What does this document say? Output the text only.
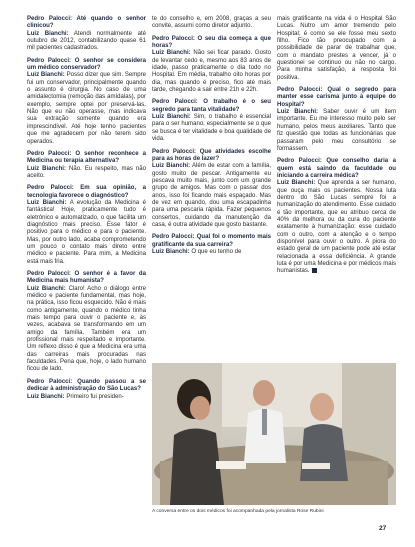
Pedro Palocci: Até quando o senhor clinicou?
Luiz Bianchi: Atendi normalmente até outubro de 2012, contabilizando quase 61 mil pacientes cadastrados.
Pedro Palocci: O senhor se considera um médico conservador?
Luiz Bianchi: Posso dizer que sim. Sempre fui um conservador, principalmente quando o assunto é cirurgia. No caso de uma amidalectomia (remoção das amídalas), por exemplo, sempre optei por preservá-las. Não que eu não operasse, mas indicava sua extração somente quando era imprescindível. Até hoje tenho pacientes que me agradecem por não terem sido operados.
Pedro Palocci: O senhor reconhece a Medicina ou terapia alternativa?
Luiz Bianchi: Não. Eu respeito, mas não aceito.
Pedro Palocci: Em sua opinião, a tecnologia favorece o diagnóstico?
Luiz Bianchi: A evolução da Medicina é fantástica! Hoje, praticamente tudo é eletrônico e automatizado, o que facilita um diagnóstico mais preciso. Esse fator é positivo para o médico e para o paciente. Mas, por outro lado, acaba comprometendo um pouco o contato mais direto entre médico e paciente. Para mim, a Medicina está mais fria.
Pedro Palocci: O senhor é a favor da Medicina mais humanista?
Luiz Bianchi: Claro! Acho o diálogo entre médico e paciente fundamental, mas hoje, na prática, isso ficou esquecido. Não é mais como antigamente, quando o médico tinha mais tempo para ouvir o paciente e, às vezes, acabava se transformando em um amigo da família. Também era um profissional mais respeitado e importante. Um reflexo disso é que a Medicina era uma das carreiras mais procuradas nas faculdades. Pena que, hoje, o lado humano ficou de lado.
Pedro Palocci: Quando passou a se dedicar à administração do São Lucas?
Luiz Bianchi: Primeiro fui presiden-
te do conselho e, em 2008, graças a seu convite, assumi como diretor adjunto.
Pedro Palocci: O seu dia começa a que horas?
Luiz Bianchi: Não sei ficar parado. Gosto de levantar cedo e, mesmo aos 83 anos de idade, passo praticamente o dia todo no Hospital. Em média, trabalho oito horas por dia, mas quando é preciso, fico até mais tarde, chegando a sair entre 21h e 22h.
Pedro Palocci: O trabalho é o seu segredo para tanta vitalidade?
Luiz Bianchi: Sim, o trabalho é essencial para o ser humano, especialmente se o que se busca é ter vitalidade e boa qualidade de vida.
Pedro Palocci: Que atividades escolhe para as horas de lazer?
Luiz Bianchi: Além de estar com a família, gosto muito de pescar. Antigamente eu pescava muito mais, junto com um grande grupo de amigos. Mas com o passar dos anos, isso foi ficando mais espaçado. Mas de vez em quando, dou uma escapadinha para uma pescaria rápida. Fazer pequenos consertos, cuidando da manutenção da casa, é outra atividade que gosto bastante.
Pedro Palocci: Qual foi o momento mais gratificante da sua carreira?
Luiz Bianchi: O que eu tenho de
mais gratificante na vida é o Hospital São Lucas. Nutro um amor tremendo pelo Hospital; é como se ele fosse meu sexto filho. Fico tão preocupado com a possibilidade de parar de trabalhar que, com o mandato prestes a vencer, já o questionei se continuo ou não no cargo. Para minha satisfação, a resposta foi positiva.
Pedro Palocci: Qual o segredo para manter esse carisma junto à equipe do Hospital?
Luiz Bianchi: Saber ouvir é um item importante. Eu me interesso muito pelo ser humano, pelos meus auxiliares. Tanto que fiz questão que todas as funcionárias que passaram pelo meu consultório se formassem.
Pedro Palocci: Que conselho daria a quem está saindo da faculdade ou iniciando a carreira médica?
Luiz Bianchi: Que aprenda a ser humano, que ouça mais os pacientes. Nossa luta dentro do São Lucas sempre foi a humanização do atendimento. Esse cuidado é tão importante, que eu atribuo cerca de 40% da melhora ou da cura do paciente exatamente à humanização: esse cuidado com o outro, com a atenção e o tempo disponível para ouvir o outro. A piora do estado geral de um paciente pode até estar relacionada a essa deficiência. A grande luta é por uma Medicina e por médicos mais humanistas.
A conversa entre os dois médicos foi acompanhada pela jornalista Rose Rubini
27
